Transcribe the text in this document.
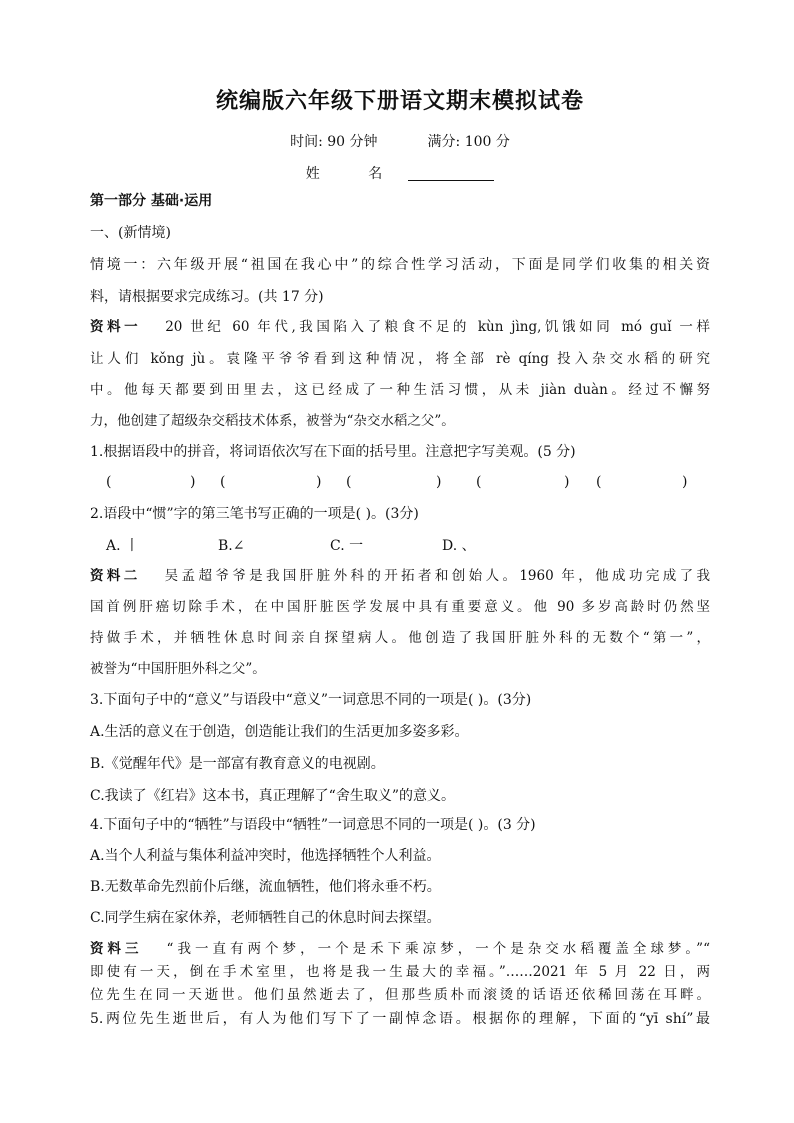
统编版六年级下册语文期末模拟试卷
时间: 90 分钟	满分: 100 分
姓 名
第一部分 基础·运用
一、(新情境)
情境一：六年级开展“祖国在我心中”的综合性学习活动，下面是同学们收集的相关资
料，请根据要求完成练习。(共 17 分)
资料一 20 世纪 60 年代,我国陷入了粮食不足的 kùn jìng,饥饿如同 mó guǐ 一样
让人们 kǒng jù。袁隆平爷爷看到这种情况，将全部 rè qíng 投入杂交水稻的研究
中。他每天都要到田里去，这已经成了一种生活习惯，从未 jiàn duàn。经过不懈努
力，他创建了超级杂交稻技术体系，被誉为“杂交水稻之父”。
1.根据语段中的拼音，将词语依次写在下面的括号里。注意把字写美观。(5 分)
(	) (	) (	) (	) (	)
2.语段中“惯”字的第三笔书写正确的一项是( )。(3分)
A. 丨	B.∠	C. 一	D. 、
资料二 吴孟超爷爷是我国肝脏外科的开拓者和创始人。1960 年，他成功完成了我
国首例肝癌切除手术，在中国肝脏医学发展中具有重要意义。他 90 多岁高龄时仍然坚
持做手术，并牺牲休息时间亲自探望病人。他创造了我国肝脏外科的无数个“第一”，
被誉为“中国肝胆外科之父”。
3.下面句子中的“意义”与语段中“意义”一词意思不同的一项是( )。(3分)
A.生活的意义在于创造，创造能让我们的生活更加多姿多彩。
B.《觉醒年代》是一部富有教育意义的电视剧。
C.我读了《红岩》这本书，真正理解了“舍生取义”的意义。
4.下面句子中的“牺牲”与语段中“牺牲”一词意思不同的一项是( )。(3 分)
A.当个人利益与集体利益冲突时，他选择牺牲个人利益。
B.无数革命先烈前仆后继，流血牺牲，他们将永垂不朽。
C.同学生病在家休养，老师牺牲自己的休息时间去探望。
资料三 “我一直有两个梦，一个是禾下乘凉梦，一个是杂交水稻覆盖全球梦。”“
即使有一天，倒在手术室里，也将是我一生最大的幸福。”……2021 年 5 月 22 日，两
位先生在同一天逝世。他们虽然逝去了，但那些质朴而滚烫的话语还依稀回荡在耳畔。
5.两位先生逝世后，有人为他们写下了一副悼念语。根据你的理解，下面的“yī shí”最
